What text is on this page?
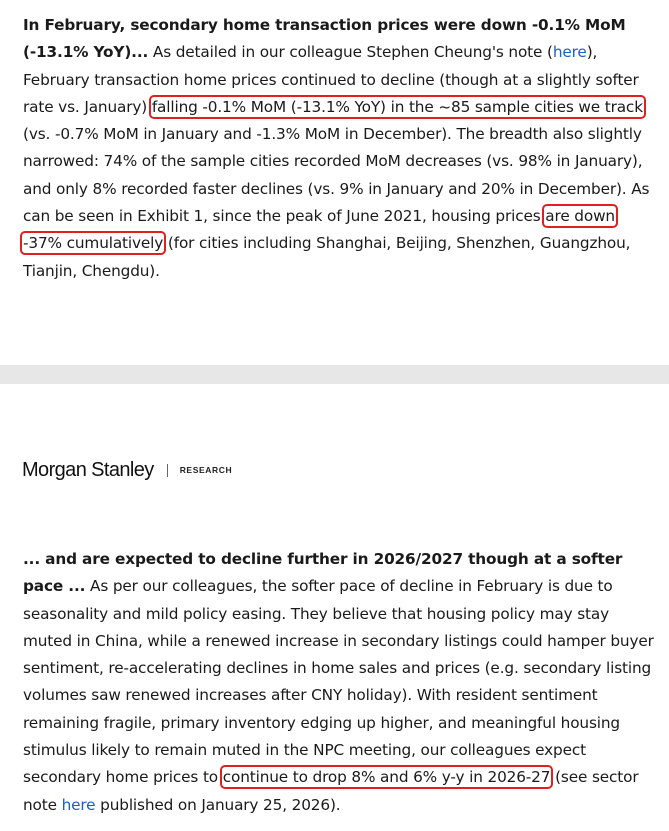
In February, secondary home transaction prices were down -0.1% MoM (-13.1% YoY)... As detailed in our colleague Stephen Cheung's note (here), February transaction home prices continued to decline (though at a slightly softer rate vs. January) falling -0.1% MoM (-13.1% YoY) in the ~85 sample cities we track (vs. -0.7% MoM in January and -1.3% MoM in December). The breadth also slightly narrowed: 74% of the sample cities recorded MoM decreases (vs. 98% in January), and only 8% recorded faster declines (vs. 9% in January and 20% in December). As can be seen in Exhibit 1, since the peak of June 2021, housing prices are down -37% cumulatively (for cities including Shanghai, Beijing, Shenzhen, Guangzhou, Tianjin, Chengdu).
Morgan Stanley	RESEARCH
... and are expected to decline further in 2026/2027 though at a softer pace ... As per our colleagues, the softer pace of decline in February is due to seasonality and mild policy easing. They believe that housing policy may stay muted in China, while a renewed increase in secondary listings could hamper buyer sentiment, re-accelerating declines in home sales and prices (e.g. secondary listing volumes saw renewed increases after CNY holiday). With resident sentiment remaining fragile, primary inventory edging up higher, and meaningful housing stimulus likely to remain muted in the NPC meeting, our colleagues expect secondary home prices to continue to drop 8% and 6% y-y in 2026-27 (see sector note here published on January 25, 2026).
